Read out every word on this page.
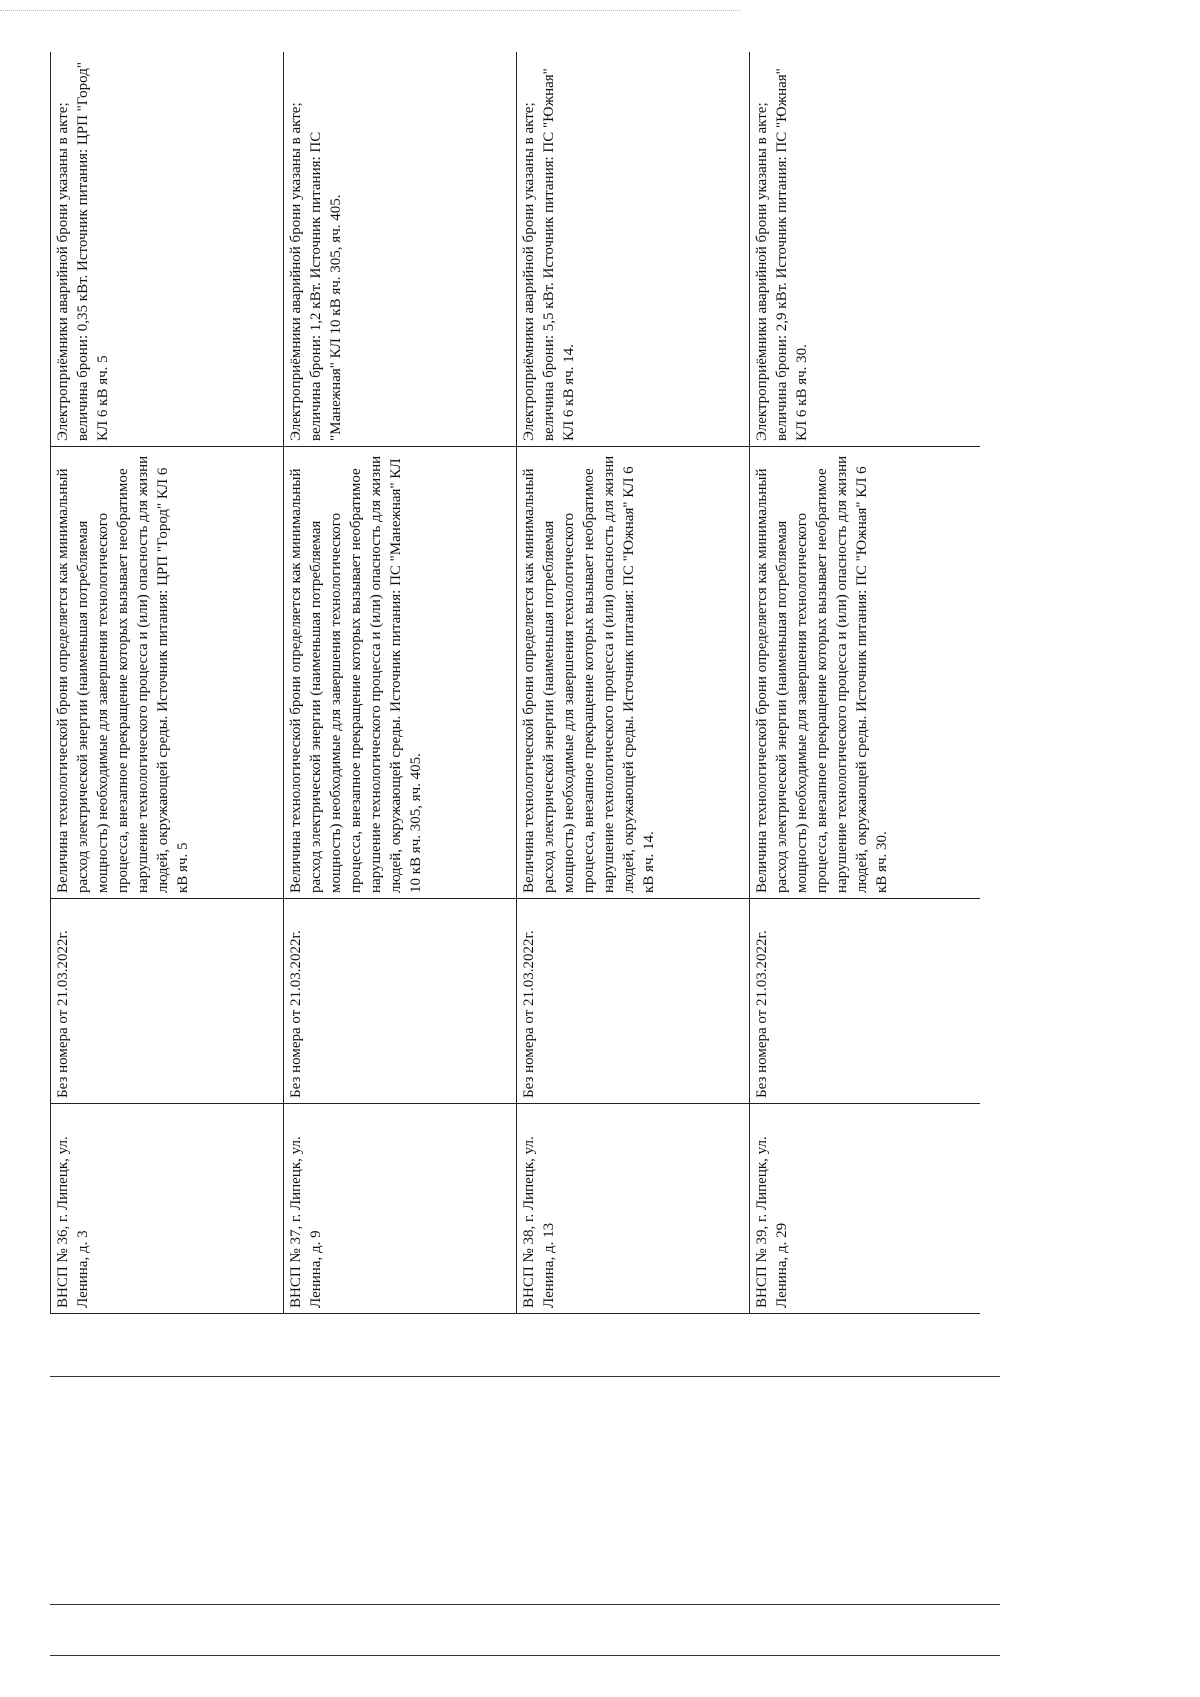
ВНСП № 36, г. Липецк, ул. Ленина, д. 3	Без номера от 21.03.2022г.	Величина технологической брони определяется как минимальный расход электрической энергии (наименьшая потребляемая мощность) необходимые для завершения технологического процесса, внезапное прекращение которых вызывает необратимое нарушение технологического процесса и (или) опасность для жизни людей, окружающей среды. Источник питания: ЦРП "Город" КЛ 6 кВ яч. 5	Электроприёмники аварийной брони указаны в акте; величина брони: 0,35 кВт. Источник питания: ЦРП "Город" КЛ 6 кВ яч. 5

ВНСП № 37, г. Липецк, ул. Ленина, д. 9	Без номера от 21.03.2022г.	Величина технологической брони определяется как минимальный расход электрической энергии (наименьшая потребляемая мощность) необходимые для завершения технологического процесса, внезапное прекращение которых вызывает необратимое нарушение технологического процесса и (или) опасность для жизни людей, окружающей среды. Источник питания: ПС "Манежная" КЛ 10 кВ яч. 305, яч. 405.	Электроприёмники аварийной брони указаны в акте; величина брони: 1,2 кВт. Источник питания: ПС "Манежная" КЛ 10 кВ яч. 305, яч. 405.

ВНСП № 38, г. Липецк, ул. Ленина, д. 13	Без номера от 21.03.2022г.	Величина технологической брони определяется как минимальный расход электрической энергии (наименьшая потребляемая мощность) необходимые для завершения технологического процесса, внезапное прекращение которых вызывает необратимое нарушение технологического процесса и (или) опасность для жизни людей, окружающей среды. Источник питания: ПС "Южная" КЛ 6 кВ яч. 14.	Электроприёмники аварийной брони указаны в акте; величина брони: 5,5 кВт. Источник питания: ПС "Южная" КЛ 6 кВ яч. 14.

ВНСП № 39, г. Липецк, ул. Ленина, д. 29	Без номера от 21.03.2022г.	Величина технологической брони определяется как минимальный расход электрической энергии (наименьшая потребляемая мощность) необходимые для завершения технологического процесса, внезапное прекращение которых вызывает необратимое нарушение технологического процесса и (или) опасность для жизни людей, окружающей среды. Источник питания: ПС "Южная" КЛ 6 кВ яч. 30.	Электроприёмники аварийной брони указаны в акте; величина брони: 2,9 кВт. Источник питания: ПС "Южная" КЛ 6 кВ яч. 30.
